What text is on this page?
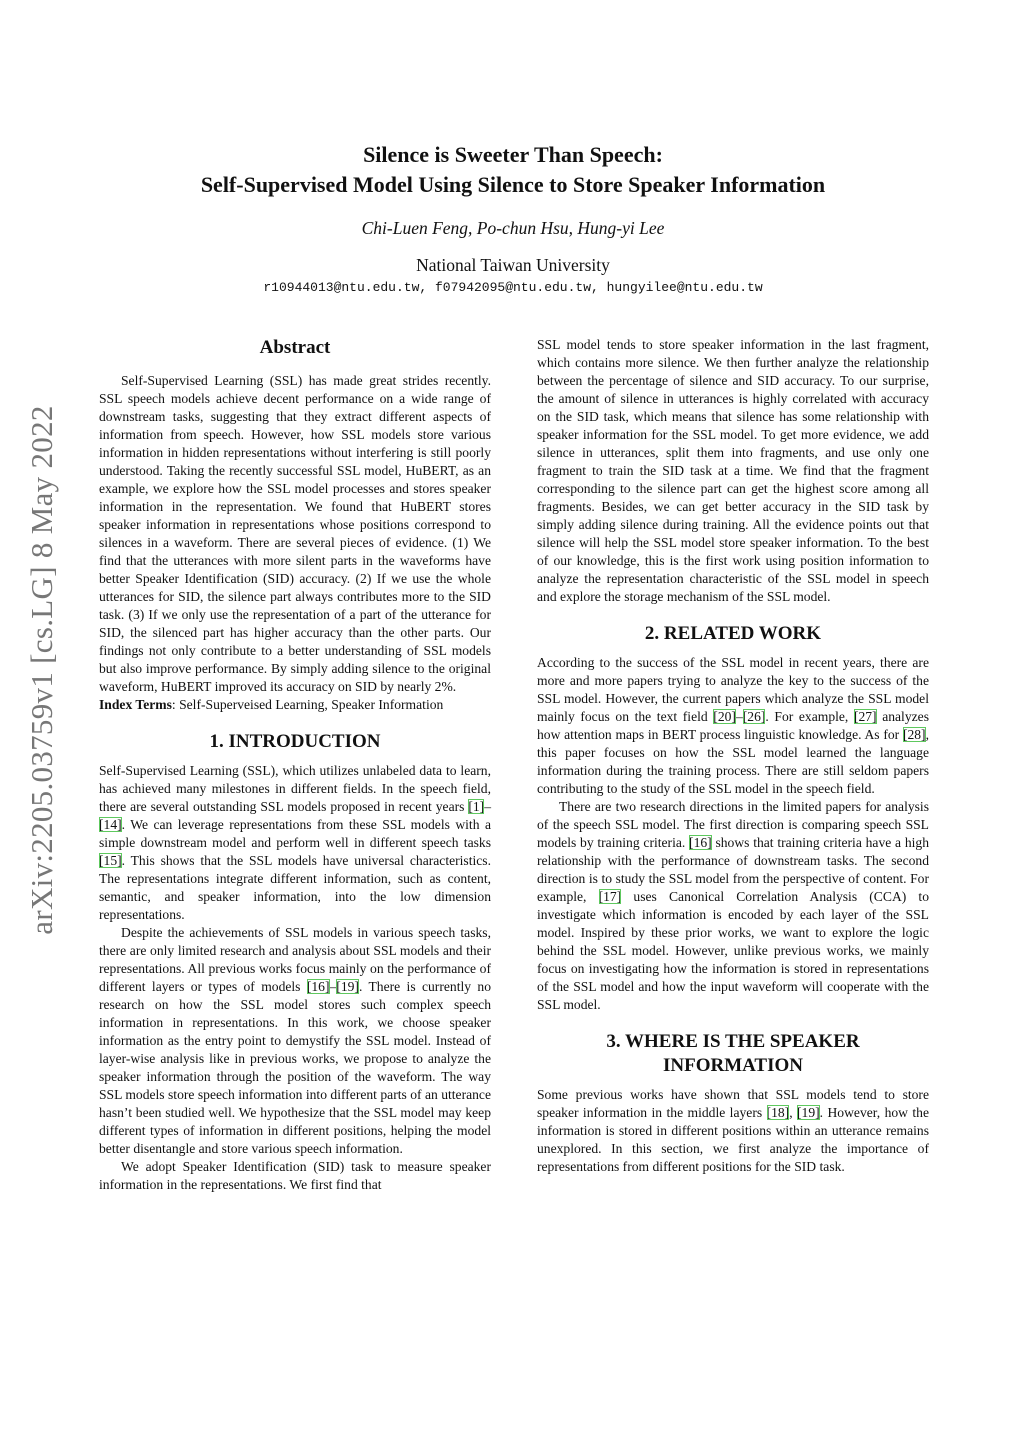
arXiv:2205.03759v1 [cs.LG] 8 May 2022
Silence is Sweeter Than Speech:
Self-Supervised Model Using Silence to Store Speaker Information
Chi-Luen Feng, Po-chun Hsu, Hung-yi Lee
National Taiwan University
r10944013@ntu.edu.tw, f07942095@ntu.edu.tw, hungyilee@ntu.edu.tw
Abstract

Self-Supervised Learning (SSL) has made great strides recently. SSL speech models achieve decent performance on a wide range of downstream tasks, suggesting that they extract different aspects of information from speech. However, how SSL models store various information in hidden representations without interfering is still poorly understood. Taking the recently successful SSL model, HuBERT, as an example, we explore how the SSL model processes and stores speaker information in the representation. We found that HuBERT stores speaker information in representations whose positions correspond to silences in a waveform. There are several pieces of evidence. (1) We find that the utterances with more silent parts in the waveforms have better Speaker Identification (SID) accuracy. (2) If we use the whole utterances for SID, the silence part always contributes more to the SID task. (3) If we only use the representation of a part of the utterance for SID, the silenced part has higher accuracy than the other parts. Our findings not only contribute to a better understanding of SSL models but also improve performance. By simply adding silence to the original waveform, HuBERT improved its accuracy on SID by nearly 2%.

Index Terms: Self-Superveised Learning, Speaker Information

1. INTRODUCTION

Self-Supervised Learning (SSL), which utilizes unlabeled data to learn, has achieved many milestones in different fields. In the speech field, there are several outstanding SSL models proposed in recent years [1]–[14]. We can leverage representations from these SSL models with a simple downstream model and perform well in different speech tasks [15]. This shows that the SSL models have universal characteristics. The representations integrate different information, such as content, semantic, and speaker information, into the low dimension representations.

Despite the achievements of SSL models in various speech tasks, there are only limited research and analysis about SSL models and their representations. All previous works focus mainly on the performance of different layers or types of models [16]–[19]. There is currently no research on how the SSL model stores such complex speech information in representations. In this work, we choose speaker information as the entry point to demystify the SSL model. Instead of layer-wise analysis like in previous works, we propose to analyze the speaker information through the position of the waveform. The way SSL models store speech information into different parts of an utterance hasn’t been studied well. We hypothesize that the SSL model may keep different types of information in different positions, helping the model better disentangle and store various speech information.

We adopt Speaker Identification (SID) task to measure speaker information in the representations. We first find that

SSL model tends to store speaker information in the last fragment, which contains more silence. We then further analyze the relationship between the percentage of silence and SID accuracy. To our surprise, the amount of silence in utterances is highly correlated with accuracy on the SID task, which means that silence has some relationship with speaker information for the SSL model. To get more evidence, we add silence in utterances, split them into fragments, and use only one fragment to train the SID task at a time. We find that the fragment corresponding to the silence part can get the highest score among all fragments. Besides, we can get better accuracy in the SID task by simply adding silence during training. All the evidence points out that silence will help the SSL model store speaker information. To the best of our knowledge, this is the first work using position information to analyze the representation characteristic of the SSL model in speech and explore the storage mechanism of the SSL model.

2. RELATED WORK

According to the success of the SSL model in recent years, there are more and more papers trying to analyze the key to the success of the SSL model. However, the current papers which analyze the SSL model mainly focus on the text field [20]–[26]. For example, [27] analyzes how attention maps in BERT process linguistic knowledge. As for [28], this paper focuses on how the SSL model learned the language information during the training process. There are still seldom papers contributing to the study of the SSL model in the speech field.

There are two research directions in the limited papers for analysis of the speech SSL model. The first direction is comparing speech SSL models by training criteria. [16] shows that training criteria have a high relationship with the performance of downstream tasks. The second direction is to study the SSL model from the perspective of content. For example, [17] uses Canonical Correlation Analysis (CCA) to investigate which information is encoded by each layer of the SSL model. Inspired by these prior works, we want to explore the logic behind the SSL model. However, unlike previous works, we mainly focus on investigating how the information is stored in representations of the SSL model and how the input waveform will cooperate with the SSL model.

3. WHERE IS THE SPEAKER
INFORMATION

Some previous works have shown that SSL models tend to store speaker information in the middle layers [18], [19]. However, how the information is stored in different positions within an utterance remains unexplored. In this section, we first analyze the importance of representations from different positions for the SID task.
